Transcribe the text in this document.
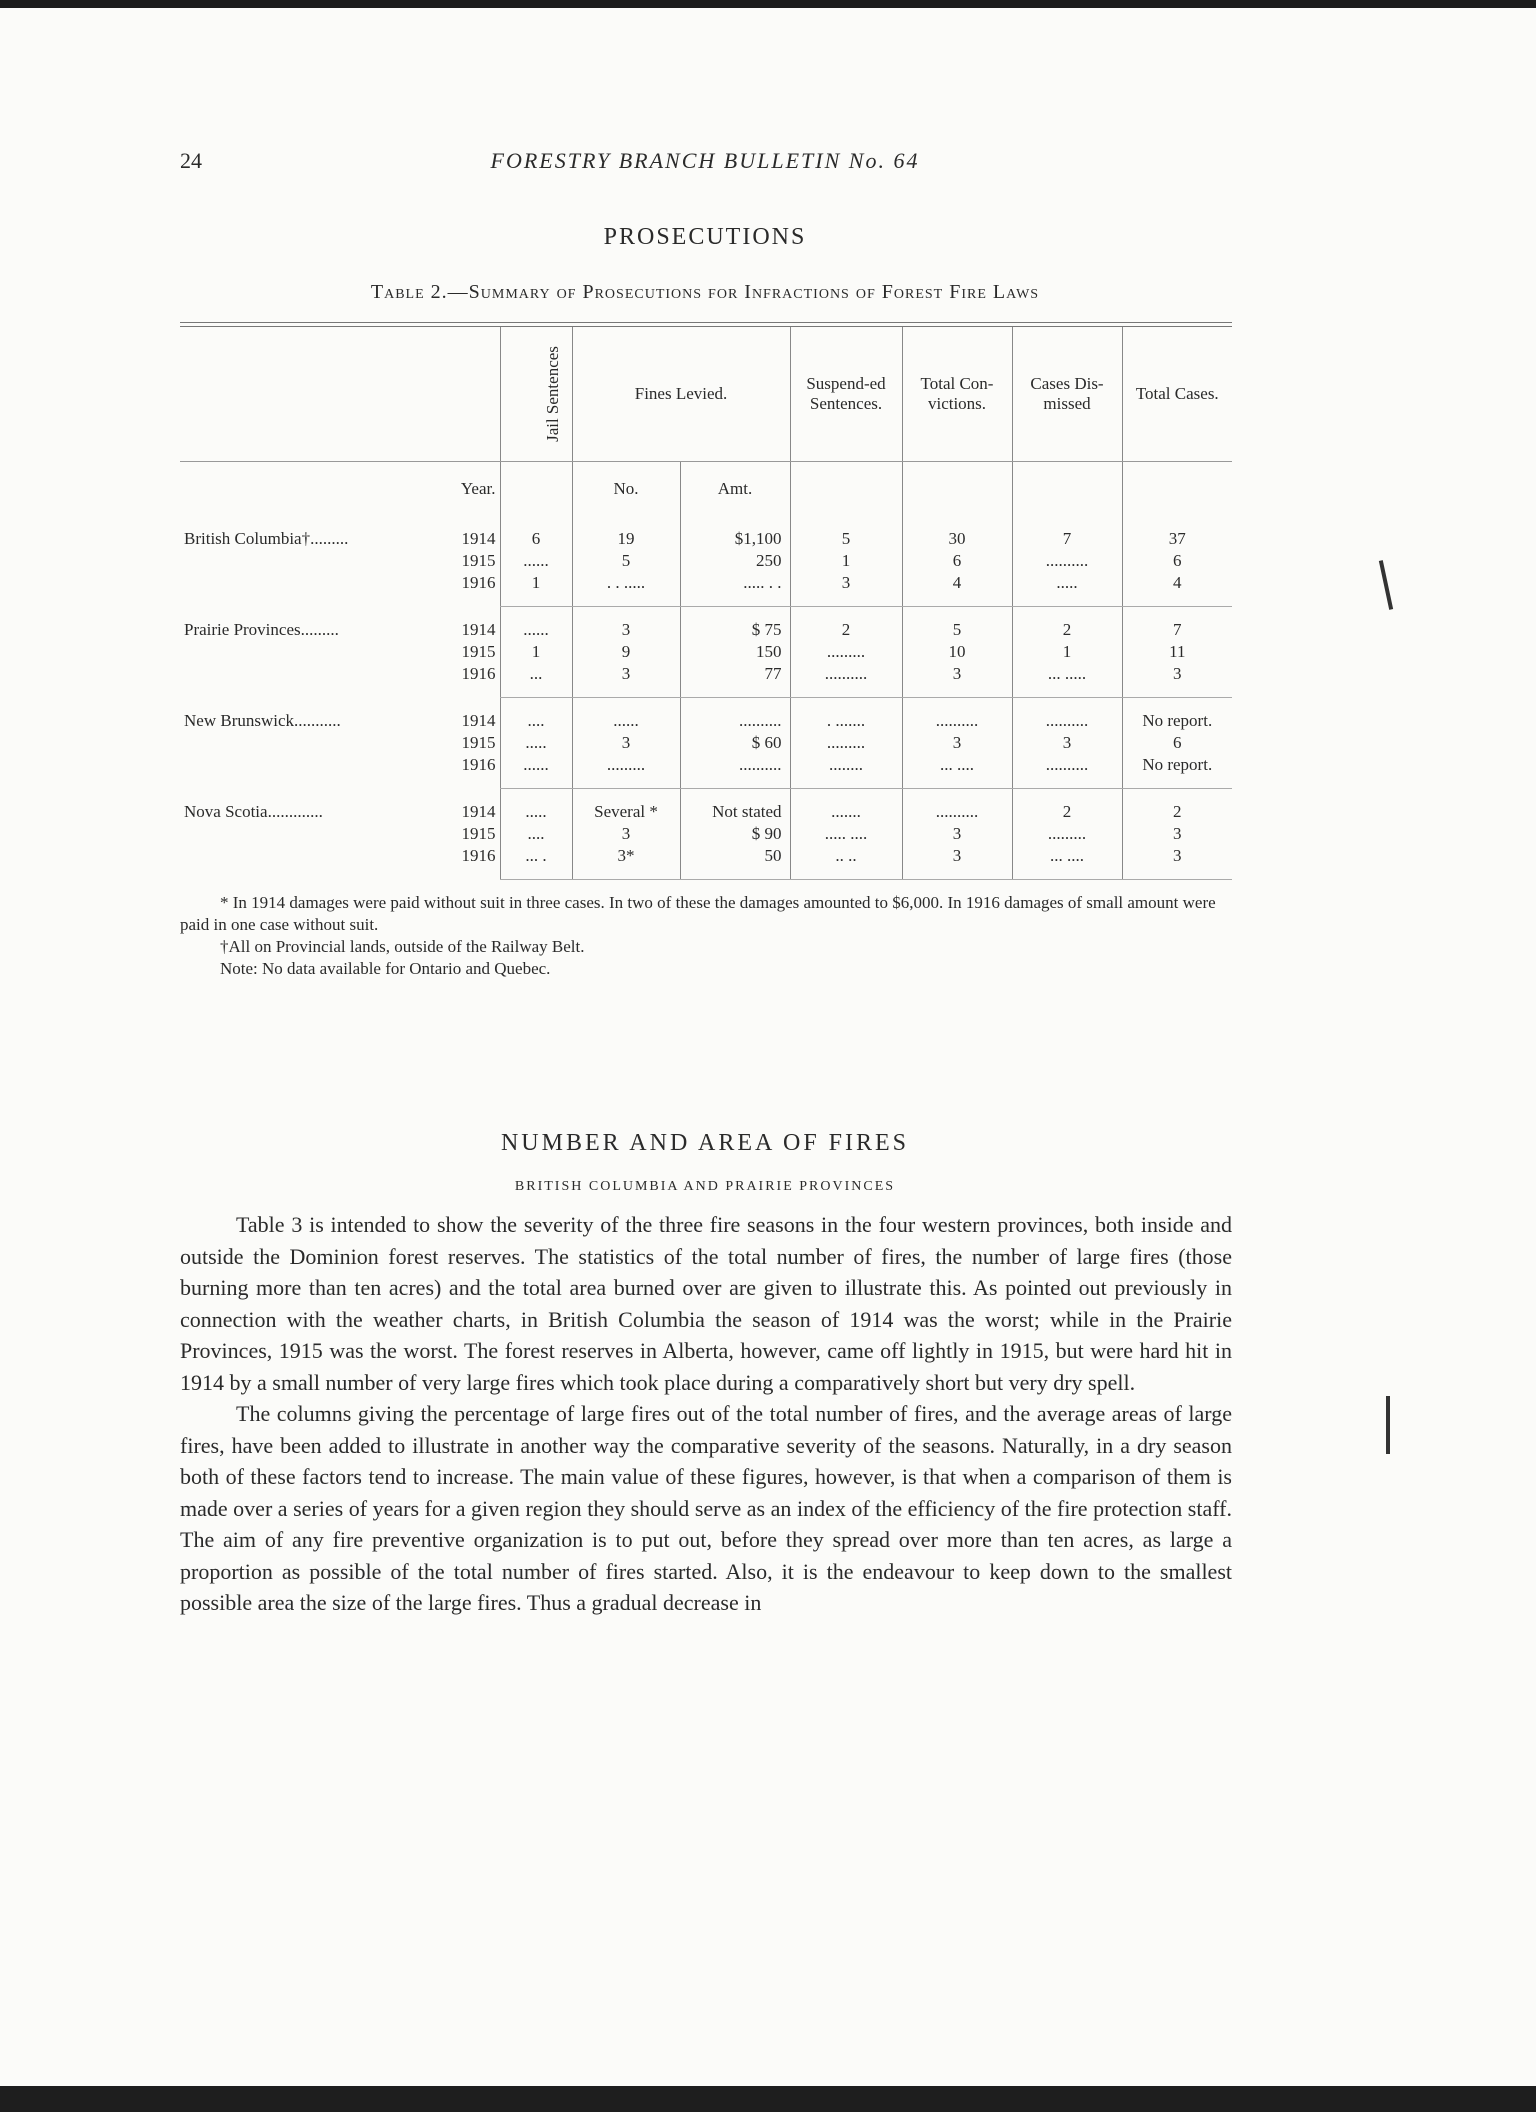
24	FORESTRY BRANCH BULLETIN No. 64
PROSECUTIONS
Table 2.—Summary of Prosecutions for Infractions of Forest Fire Laws
	Jail Sentences	Fines Levied.		Suspend-ed Sentences.	Total Con-victions.	Cases Dis-missed	Total Cases.
Year.		No.	Amt.				

British Columbia†......... 1914	6	19	$1,100	5	30	7	37

1915	......	5	250	1	6	..........	6

1916	1	. . .....	..... . .	3	4	.....	4

Prairie Provinces......... 1914	......	3	$ 75	2	5	2	7

1915	1	9	150	.........	10	1	11

1916	...	3	77	..........	3	... .....	3

New Brunswick........... 1914	....	......	..........	. .......	..........	..........	No report.

1915	.....	3	$ 60	.........	3	3	6

1916	......	.........	..........	........	... ....	..........	No report.

Nova Scotia............. 1914	.....	Several *	Not stated	.......	..........	2	2

1915	....	3	$ 90	..... ....	3	.........	3

1916	... .	3*	50	.. ..	3	... ....	3

* In 1914 damages were paid without suit in three cases. In two of these the damages amounted to $6,000. In 1916 damages of small amount were paid in one case without suit.

†All on Provincial lands, outside of the Railway Belt.

Note: No data available for Ontario and Quebec.

NUMBER AND AREA OF FIRES
BRITISH COLUMBIA AND PRAIRIE PROVINCES

Table 3 is intended to show the severity of the three fire seasons in the four western provinces, both inside and outside the Dominion forest reserves. The statistics of the total number of fires, the number of large fires (those burning more than ten acres) and the total area burned over are given to illustrate this. As pointed out previously in connection with the weather charts, in British Columbia the season of 1914 was the worst; while in the Prairie Provinces, 1915 was the worst. The forest reserves in Alberta, however, came off lightly in 1915, but were hard hit in 1914 by a small number of very large fires which took place during a comparatively short but very dry spell.

The columns giving the percentage of large fires out of the total number of fires, and the average areas of large fires, have been added to illustrate in another way the comparative severity of the seasons. Naturally, in a dry season both of these factors tend to increase. The main value of these figures, however, is that when a comparison of them is made over a series of years for a given region they should serve as an index of the efficiency of the fire protection staff. The aim of any fire preventive organization is to put out, before they spread over more than ten acres, as large a proportion as possible of the total number of fires started. Also, it is the endeavour to keep down to the smallest possible area the size of the large fires. Thus a gradual decrease in
